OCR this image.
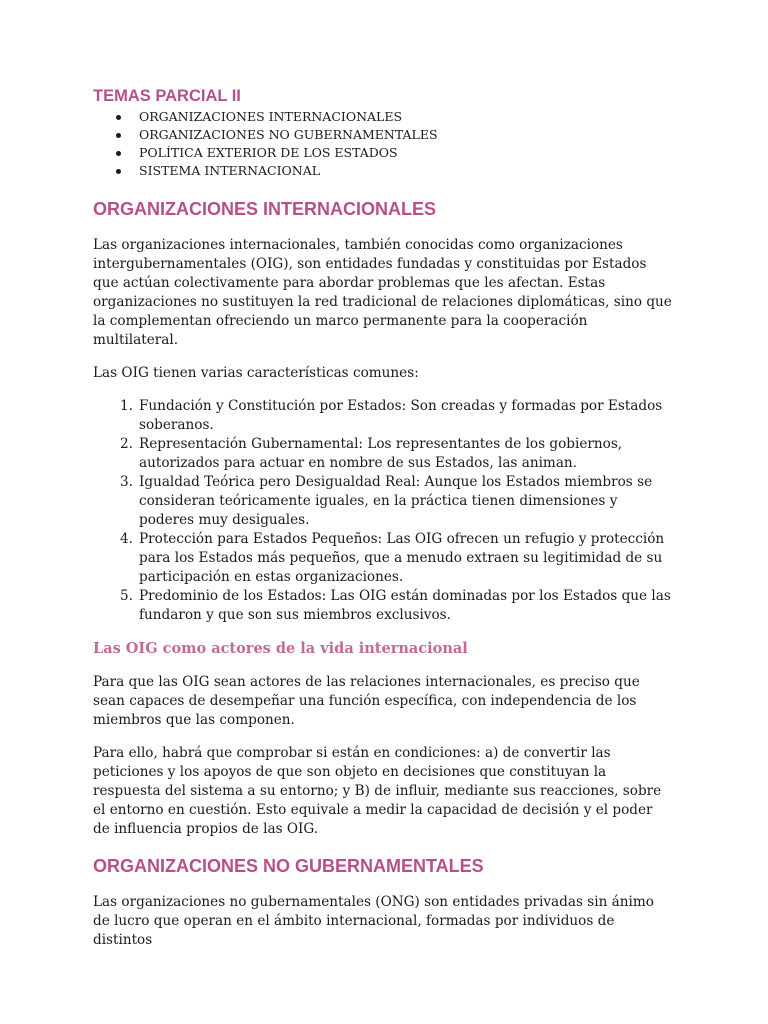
TEMAS PARCIAL II
ORGANIZACIONES INTERNACIONALES
ORGANIZACIONES NO GUBERNAMENTALES
POLÍTICA EXTERIOR DE LOS ESTADOS
SISTEMA INTERNACIONAL
ORGANIZACIONES INTERNACIONALES

Las organizaciones internacionales, también conocidas como organizaciones intergubernamentales (OIG), son entidades fundadas y constituidas por Estados que actúan colectivamente para abordar problemas que les afectan. Estas organizaciones no sustituyen la red tradicional de relaciones diplomáticas, sino que la complementan ofreciendo un marco permanente para la cooperación multilateral.

Las OIG tienen varias características comunes:

1. Fundación y Constitución por Estados: Son creadas y formadas por Estados soberanos.
2. Representación Gubernamental: Los representantes de los gobiernos, autorizados para actuar en nombre de sus Estados, las animan.
3. Igualdad Teórica pero Desigualdad Real: Aunque los Estados miembros se consideran teóricamente iguales, en la práctica tienen dimensiones y poderes muy desiguales.
4. Protección para Estados Pequeños: Las OIG ofrecen un refugio y protección para los Estados más pequeños, que a menudo extraen su legitimidad de su participación en estas organizaciones.
5. Predominio de los Estados: Las OIG están dominadas por los Estados que las fundaron y que son sus miembros exclusivos.
Las OIG como actores de la vida internacional

Para que las OIG sean actores de las relaciones internacionales, es preciso que sean capaces de desempeñar una función específica, con independencia de los miembros que las componen.

Para ello, habrá que comprobar si están en condiciones: a) de convertir las peticiones y los apoyos de que son objeto en decisiones que constituyan la respuesta del sistema a su entorno; y B) de influir, mediante sus reacciones, sobre el entorno en cuestión. Esto equivale a medir la capacidad de decisión y el poder de influencia propios de las OIG.

ORGANIZACIONES NO GUBERNAMENTALES

Las organizaciones no gubernamentales (ONG) son entidades privadas sin ánimo de lucro que operan en el ámbito internacional, formadas por individuos de distintos
